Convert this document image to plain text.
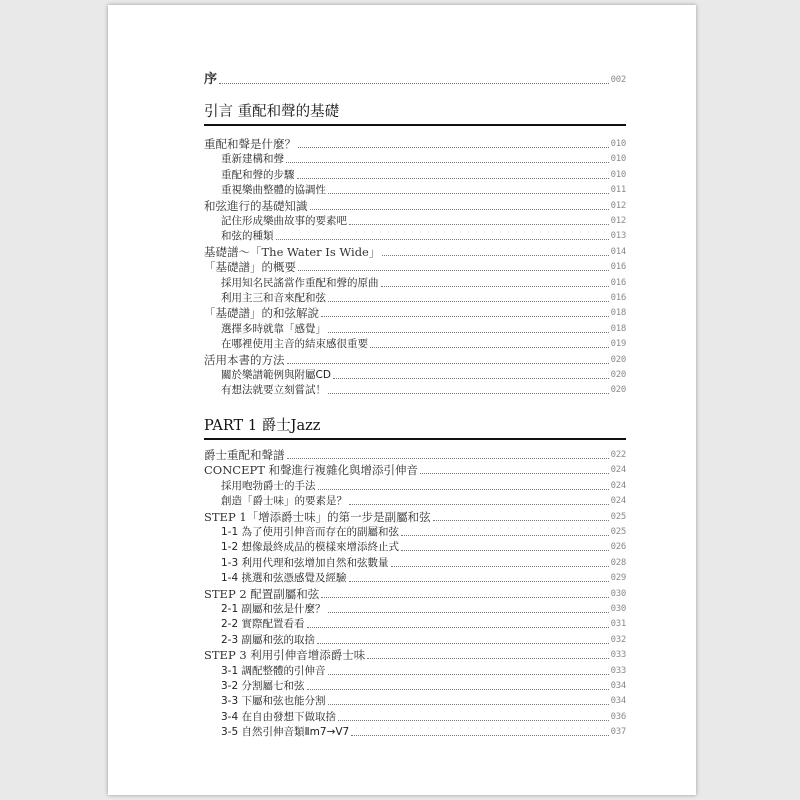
序	002
引言 重配和聲的基礎
重配和聲是什麼？	010
重新建構和聲	010
重配和聲的步驟	010
重視樂曲整體的協調性	011
和弦進行的基礎知識	012
記住形成樂曲故事的要素吧	012
和弦的種類	013
基礎譜～「The Water Is Wide」	014
「基礎譜」的概要	016
採用知名民謠當作重配和聲的原曲	016
利用主三和音來配和弦	016
「基礎譜」的和弦解說	018
選擇多時就靠「感覺」	018
在哪裡使用主音的結束感很重要	019
活用本書的方法	020
關於樂譜範例與附屬CD	020
有想法就要立刻嘗試！	020
PART 1 爵士Jazz
爵士重配和聲譜	022
CONCEPT 和聲進行複雜化與增添引伸音	024
採用咆勃爵士的手法	024
創造「爵士味」的要素是？	024
STEP 1「增添爵士味」的第一步是副屬和弦	025
1-1 為了使用引伸音而存在的副屬和弦	025
1-2 想像最終成品的模樣來增添終止式	026
1-3 利用代理和弦增加自然和弦數量	028
1-4 挑選和弦憑感覺及經驗	029
STEP 2 配置副屬和弦	030
2-1 副屬和弦是什麼？	030
2-2 實際配置看看	031
2-3 副屬和弦的取捨	032
STEP 3 利用引伸音增添爵士味	033
3-1 調配整體的引伸音	033
3-2 分割屬七和弦	034
3-3 下屬和弦也能分割	034
3-4 在自由發想下做取捨	036
3-5 自然引伸音類Ⅱm7→Ⅴ7	037
